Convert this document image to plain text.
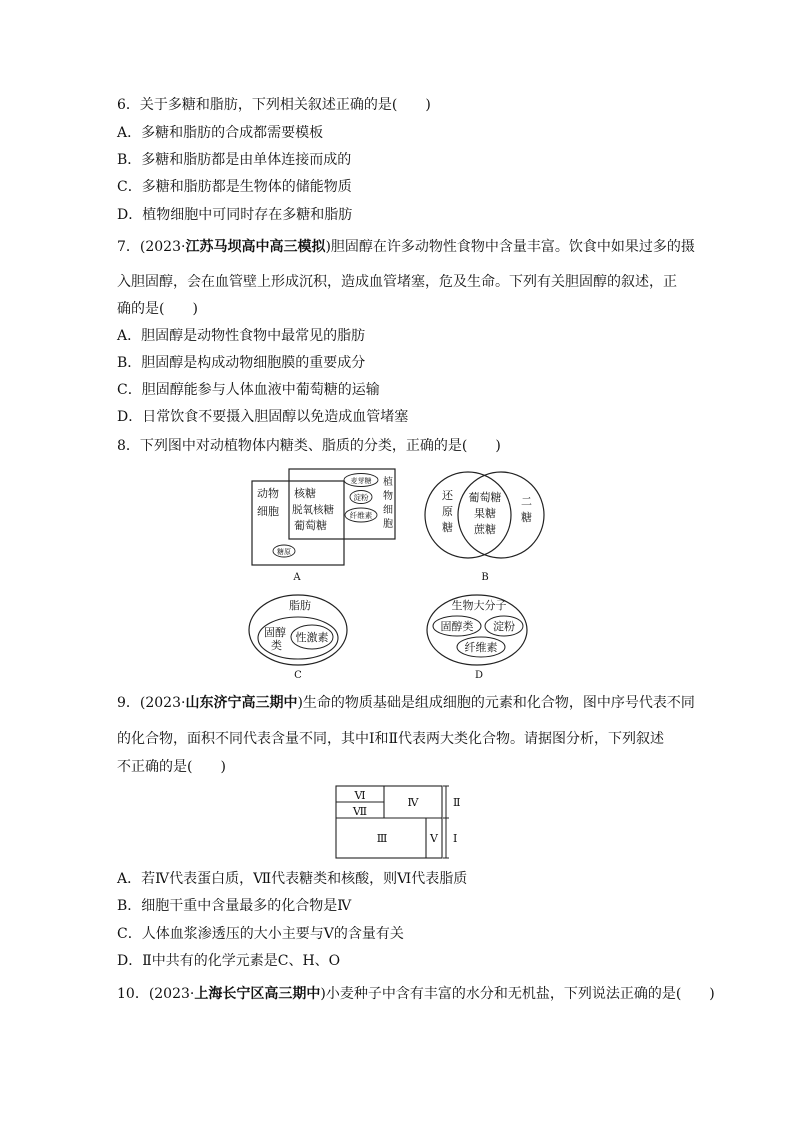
6．关于多糖和脂肪，下列相关叙述正确的是(　　)
A．多糖和脂肪的合成都需要模板
B．多糖和脂肪都是由单体连接而成的
C．多糖和脂肪都是生物体的储能物质
D．植物细胞中可同时存在多糖和脂肪
7．(2023·江苏马坝高中高三模拟)胆固醇在许多动物性食物中含量丰富。饮食中如果过多的摄
入胆固醇，会在血管壁上形成沉积，造成血管堵塞，危及生命。下列有关胆固醇的叙述，正
确的是(　　)
A．胆固醇是动物性食物中最常见的脂肪
B．胆固醇是构成动物细胞膜的重要成分
C．胆固醇能参与人体血液中葡萄糖的运输
D．日常饮食不要摄入胆固醇以免造成血管堵塞
8．下列图中对动植物体内糖类、脂质的分类，正确的是(　　)
动物
细胞
核糖
脱氧核糖
葡萄糖
麦芽糖
淀粉
纤维素
植
物
细
胞
糖原
A
还
原
糖
葡萄糖
果糖
蔗糖
二
糖
B
脂肪
固醇
类
性激素
C
生物大分子
固醇类 淀粉
纤维素
D
9．(2023·山东济宁高三期中)生命的物质基础是组成细胞的元素和化合物，图中序号代表不同
的化合物，面积不同代表含量不同，其中Ⅰ和Ⅱ代表两大类化合物。请据图分析，下列叙述
不正确的是(　　)
Ⅵ
Ⅶ
Ⅳ
Ⅲ	Ⅴ
Ⅱ
Ⅰ
A．若Ⅳ代表蛋白质，Ⅶ代表糖类和核酸，则Ⅵ代表脂质
B．细胞干重中含量最多的化合物是Ⅳ
C．人体血浆渗透压的大小主要与Ⅴ的含量有关
D．Ⅱ中共有的化学元素是C、H、O
10．(2023·上海长宁区高三期中)小麦种子中含有丰富的水分和无机盐，下列说法正确的是(　　)
